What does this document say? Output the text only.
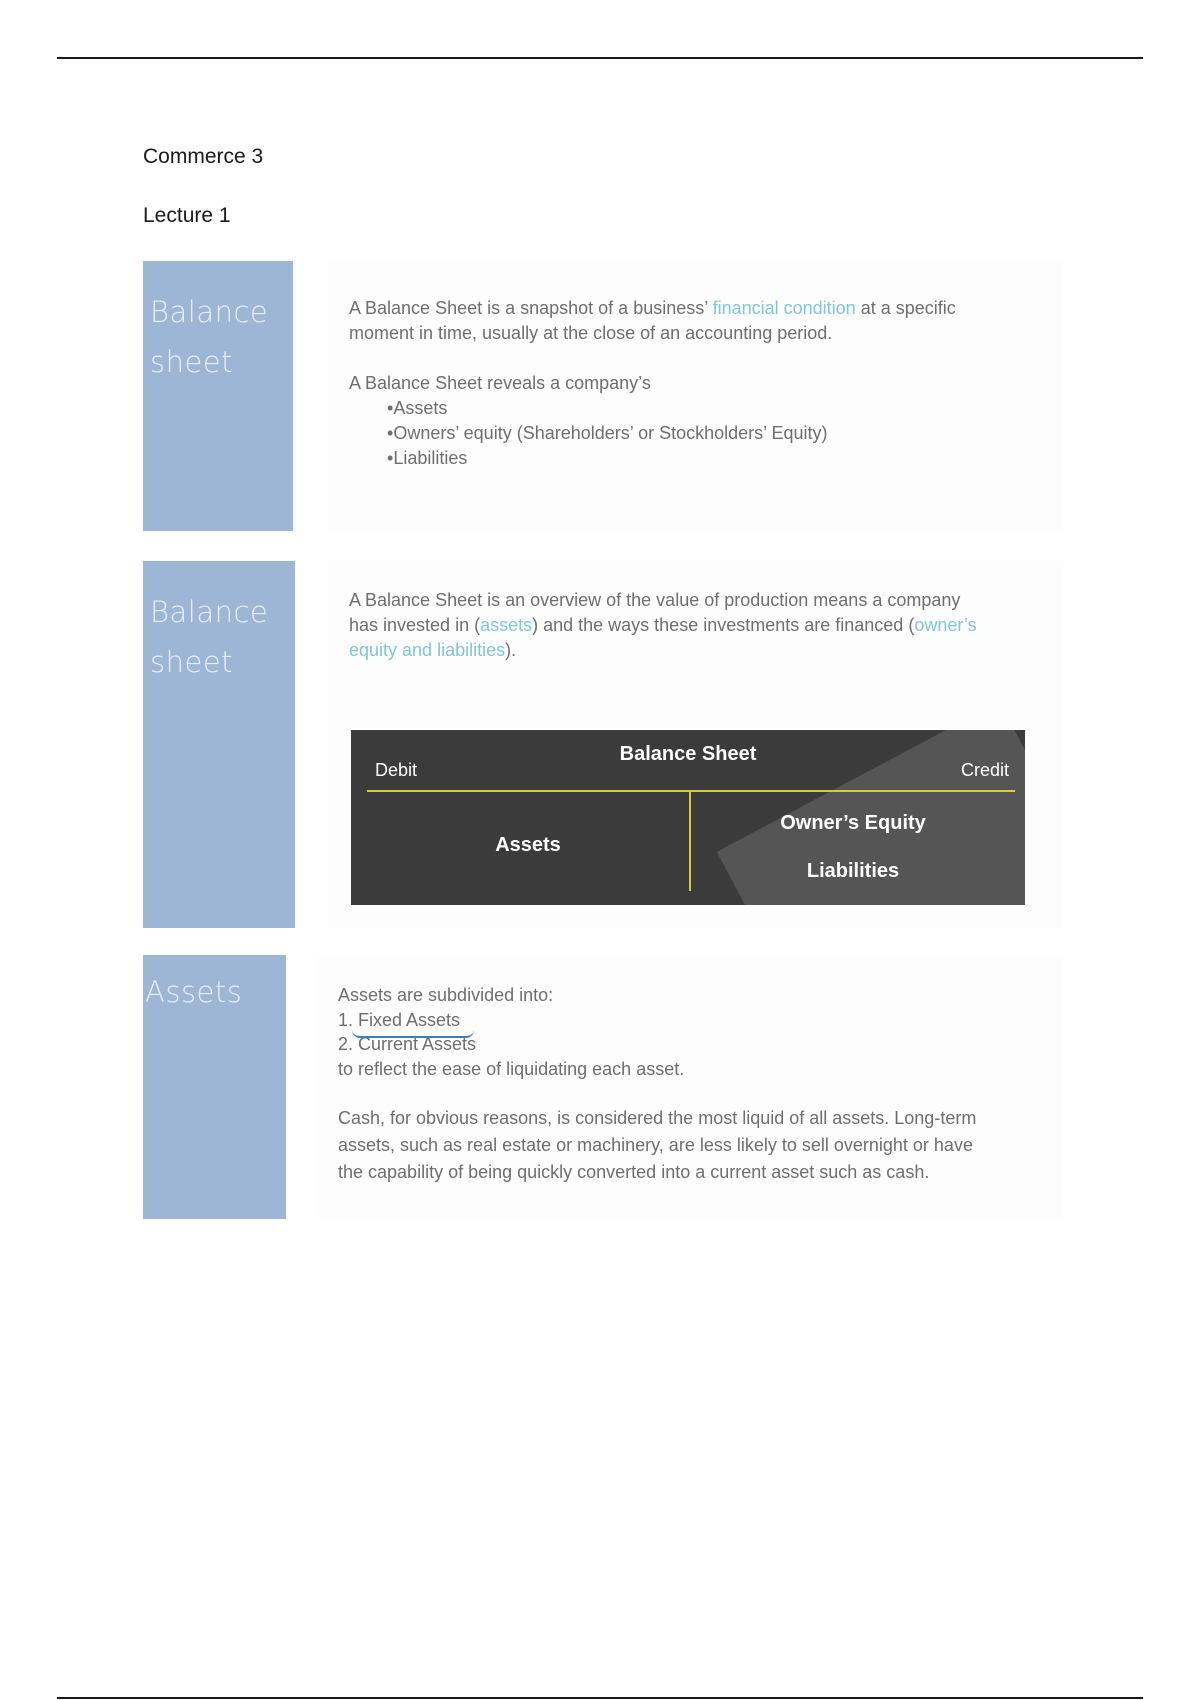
Commerce 3
Lecture 1
Balance
sheet

A Balance Sheet is a snapshot of a business’ financial condition at a specific
moment in time, usually at the close of an accounting period.

A Balance Sheet reveals a company’s

• Assets
• Owners’ equity (Shareholders’ or Stockholders’ Equity)
• Liabilities
Balance
sheet

A Balance Sheet is an overview of the value of production means a company
has invested in (assets) and the ways these investments are financed (owner’s
equity and liabilities).

Balance Sheet
Debit	Credit
Assets
Owner’s Equity
Liabilities
Assets	Assets are subdivided into:
1. Fixed Assets
2. Current Assets
to reflect the ease of liquidating each asset.

Cash, for obvious reasons, is considered the most liquid of all assets. Long-term
assets, such as real estate or machinery, are less likely to sell overnight or have
the capability of being quickly converted into a current asset such as cash.
